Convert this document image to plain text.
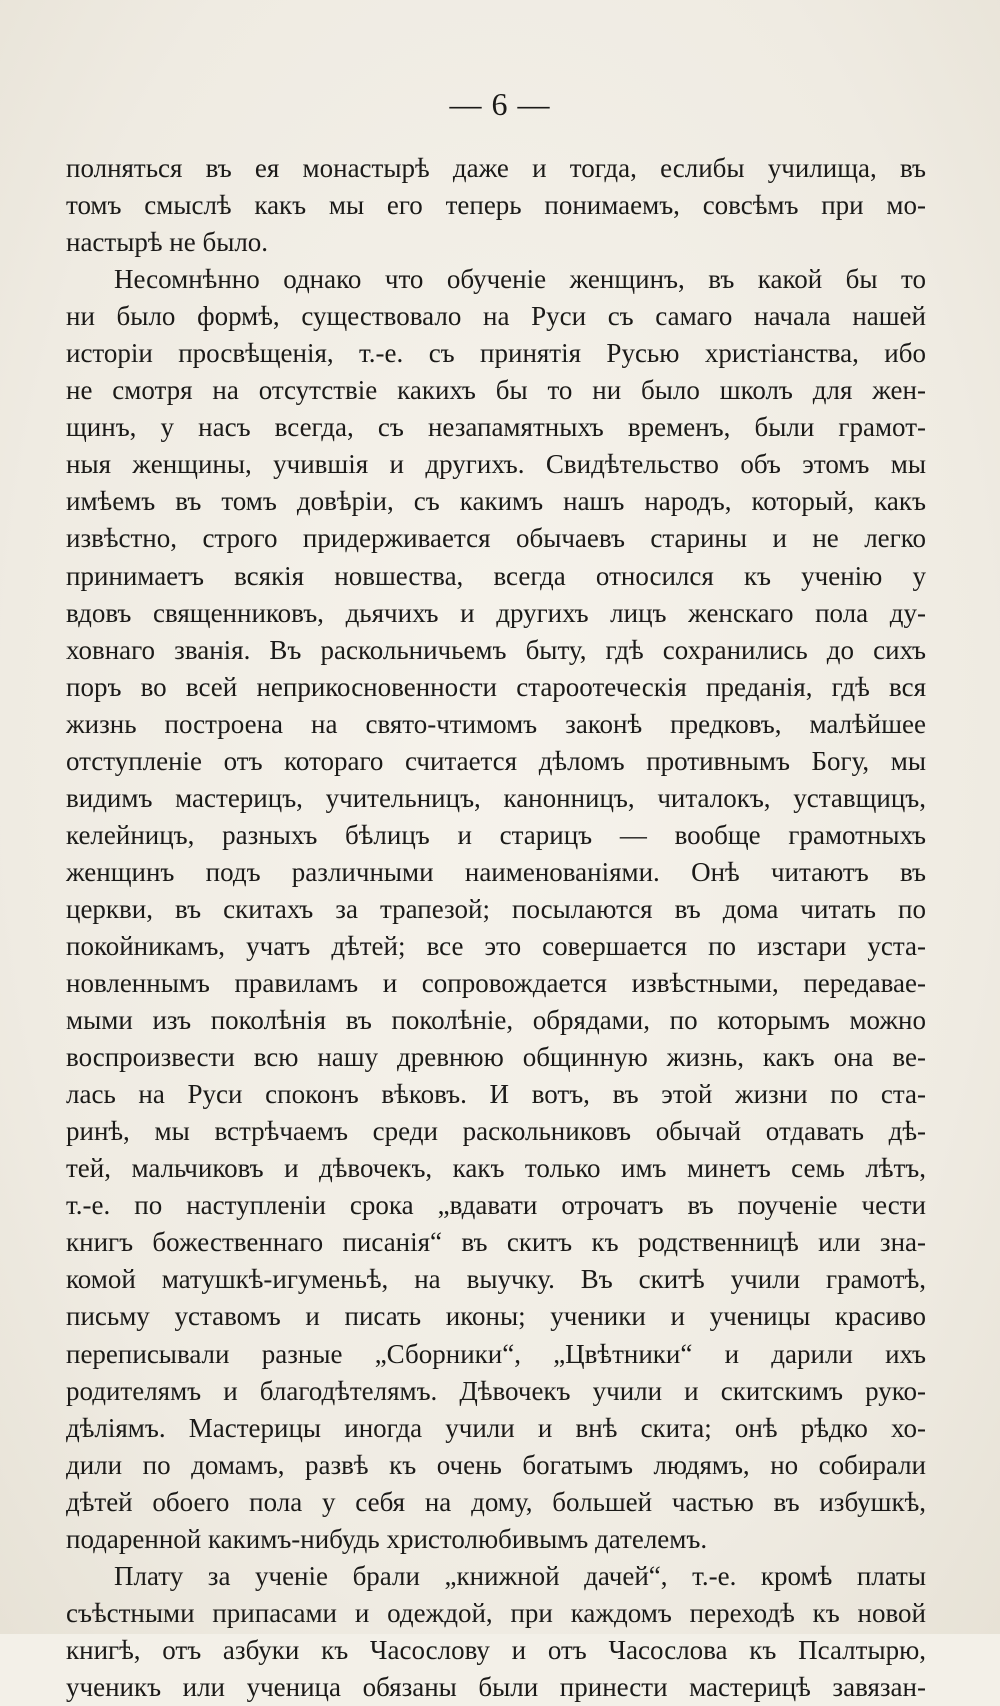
— 6 —
полняться въ ея монастырѣ даже и тогда, еслибы училища, въ
томъ смыслѣ какъ мы его теперь понимаемъ, совсѣмъ при мо-
настырѣ не было.
Несомнѣнно однако что обученіе женщинъ, въ какой бы то
ни было формѣ, существовало на Руси съ самаго начала нашей
исторіи просвѣщенія, т.-е. съ принятія Русью христіанства, ибо
не смотря на отсутствіе какихъ бы то ни было школъ для жен-
щинъ, у насъ всегда, съ незапамятныхъ временъ, были грамот-
ныя женщины, учившія и другихъ. Свидѣтельство объ этомъ мы
имѣемъ въ томъ довѣріи, съ какимъ нашъ народъ, который, какъ
извѣстно, строго придерживается обычаевъ старины и не легко
принимаетъ всякія новшества, всегда относился къ ученію у
вдовъ священниковъ, дьячихъ и другихъ лицъ женскаго пола ду-
ховнаго званія. Въ раскольничьемъ быту, гдѣ сохранились до сихъ
поръ во всей неприкосновенности староотеческія преданія, гдѣ вся
жизнь построена на свято-чтимомъ законѣ предковъ, малѣйшее
отступленіе отъ котораго считается дѣломъ противнымъ Богу, мы
видимъ мастерицъ, учительницъ, канонницъ, читалокъ, уставщицъ,
келейницъ, разныхъ бѣлицъ и старицъ — вообще грамотныхъ
женщинъ подъ различными наименованіями. Онѣ читаютъ въ
церкви, въ скитахъ за трапезой; посылаются въ дома читать по
покойникамъ, учатъ дѣтей; все это совершается по изстари уста-
новленнымъ правиламъ и сопровождается извѣстными, передавае-
мыми изъ поколѣнія въ поколѣніе, обрядами, по которымъ можно
воспроизвести всю нашу древнюю общинную жизнь, какъ она ве-
лась на Руси споконъ вѣковъ. И вотъ, въ этой жизни по ста-
ринѣ, мы встрѣчаемъ среди раскольниковъ обычай отдавать дѣ-
тей, мальчиковъ и дѣвочекъ, какъ только имъ минетъ семь лѣтъ,
т.-е. по наступленіи срока „вдавати отрочатъ въ поученіе чести
книгъ божественнаго писанія“ въ скитъ къ родственницѣ или зна-
комой матушкѣ-игуменьѣ, на выучку. Въ скитѣ учили грамотѣ,
письму уставомъ и писать иконы; ученики и ученицы красиво
переписывали разные „Сборники“, „Цвѣтники“ и дарили ихъ
родителямъ и благодѣтелямъ. Дѣвочекъ учили и скитскимъ руко-
дѣліямъ. Мастерицы иногда учили и внѣ скита; онѣ рѣдко хо-
дили по домамъ, развѣ къ очень богатымъ людямъ, но собирали
дѣтей обоего пола у себя на дому, большей частью въ избушкѣ,
подаренной какимъ-нибудь христолюбивымъ дателемъ.
Плату за ученіе брали „книжной дачей“, т.-е. кромѣ платы
съѣстными припасами и одеждой, при каждомъ переходѣ къ новой
книгѣ, отъ азбуки къ Часослову и отъ Часослова къ Псалтырю,
ученикъ или ученица обязаны были принести мастерицѣ завязан-
